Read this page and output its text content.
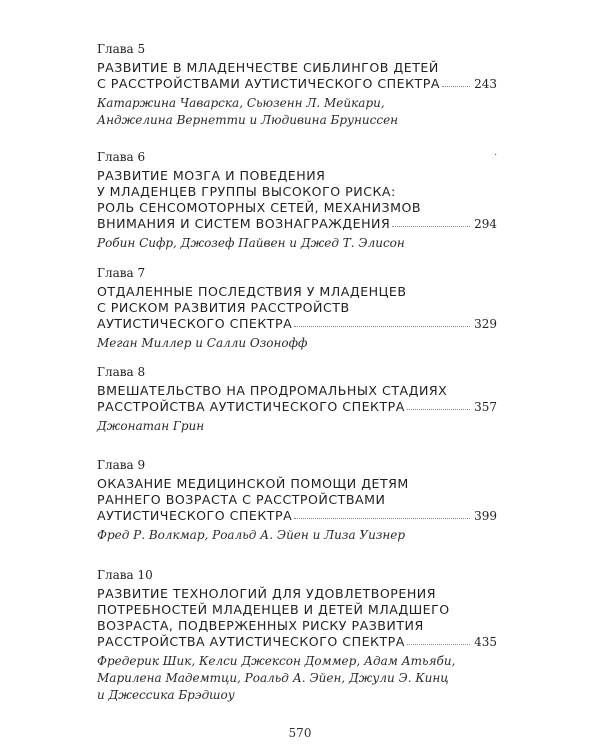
Глава 5
РАЗВИТИЕ В МЛАДЕНЧЕСТВЕ СИБЛИНГОВ ДЕТЕЙ
С РАССТРОЙСТВАМИ АУТИСТИЧЕСКОГО СПЕКТРА	243
Катаржина Чаварска, Сьюзенн Л. Мейкари,
Анджелина Вернетти и Людивина Бруниссен
Глава 6
РАЗВИТИЕ МОЗГА И ПОВЕДЕНИЯ
У МЛАДЕНЦЕВ ГРУППЫ ВЫСОКОГО РИСКА:
РОЛЬ СЕНСОМОТОРНЫХ СЕТЕЙ, МЕХАНИЗМОВ
ВНИМАНИЯ И СИСТЕМ ВОЗНАГРАЖДЕНИЯ	294
Робин Сифр, Джозеф Пайвен и Джед Т. Элисон
Глава 7
ОТДАЛЕННЫЕ ПОСЛЕДСТВИЯ У МЛАДЕНЦЕВ
С РИСКОМ РАЗВИТИЯ РАССТРОЙСТВ
АУТИСТИЧЕСКОГО СПЕКТРА	329
Меган Миллер и Салли Озонофф
Глава 8
ВМЕШАТЕЛЬСТВО НА ПРОДРОМАЛЬНЫХ СТАДИЯХ
РАССТРОЙСТВА АУТИСТИЧЕСКОГО СПЕКТРА	357
Джонатан Грин
Глава 9
ОКАЗАНИЕ МЕДИЦИНСКОЙ ПОМОЩИ ДЕТЯМ
РАННЕГО ВОЗРАСТА С РАССТРОЙСТВАМИ
АУТИСТИЧЕСКОГО СПЕКТРА	399
Фред Р. Волкмар, Роальд А. Эйен и Лиза Уизнер
Глава 10
РАЗВИТИЕ ТЕХНОЛОГИЙ ДЛЯ УДОВЛЕТВОРЕНИЯ
ПОТРЕБНОСТЕЙ МЛАДЕНЦЕВ И ДЕТЕЙ МЛАДШЕГО
ВОЗРАСТА, ПОДВЕРЖЕННЫХ РИСКУ РАЗВИТИЯ
РАССТРОЙСТВА АУТИСТИЧЕСКОГО СПЕКТРА	435
Фредерик Шик, Келси Джексон Доммер, Адам Атьяби,
Марилена Мадемтци, Роальд А. Эйен, Джули Э. Кинц
и Джессика Брэдшоу
.
570
